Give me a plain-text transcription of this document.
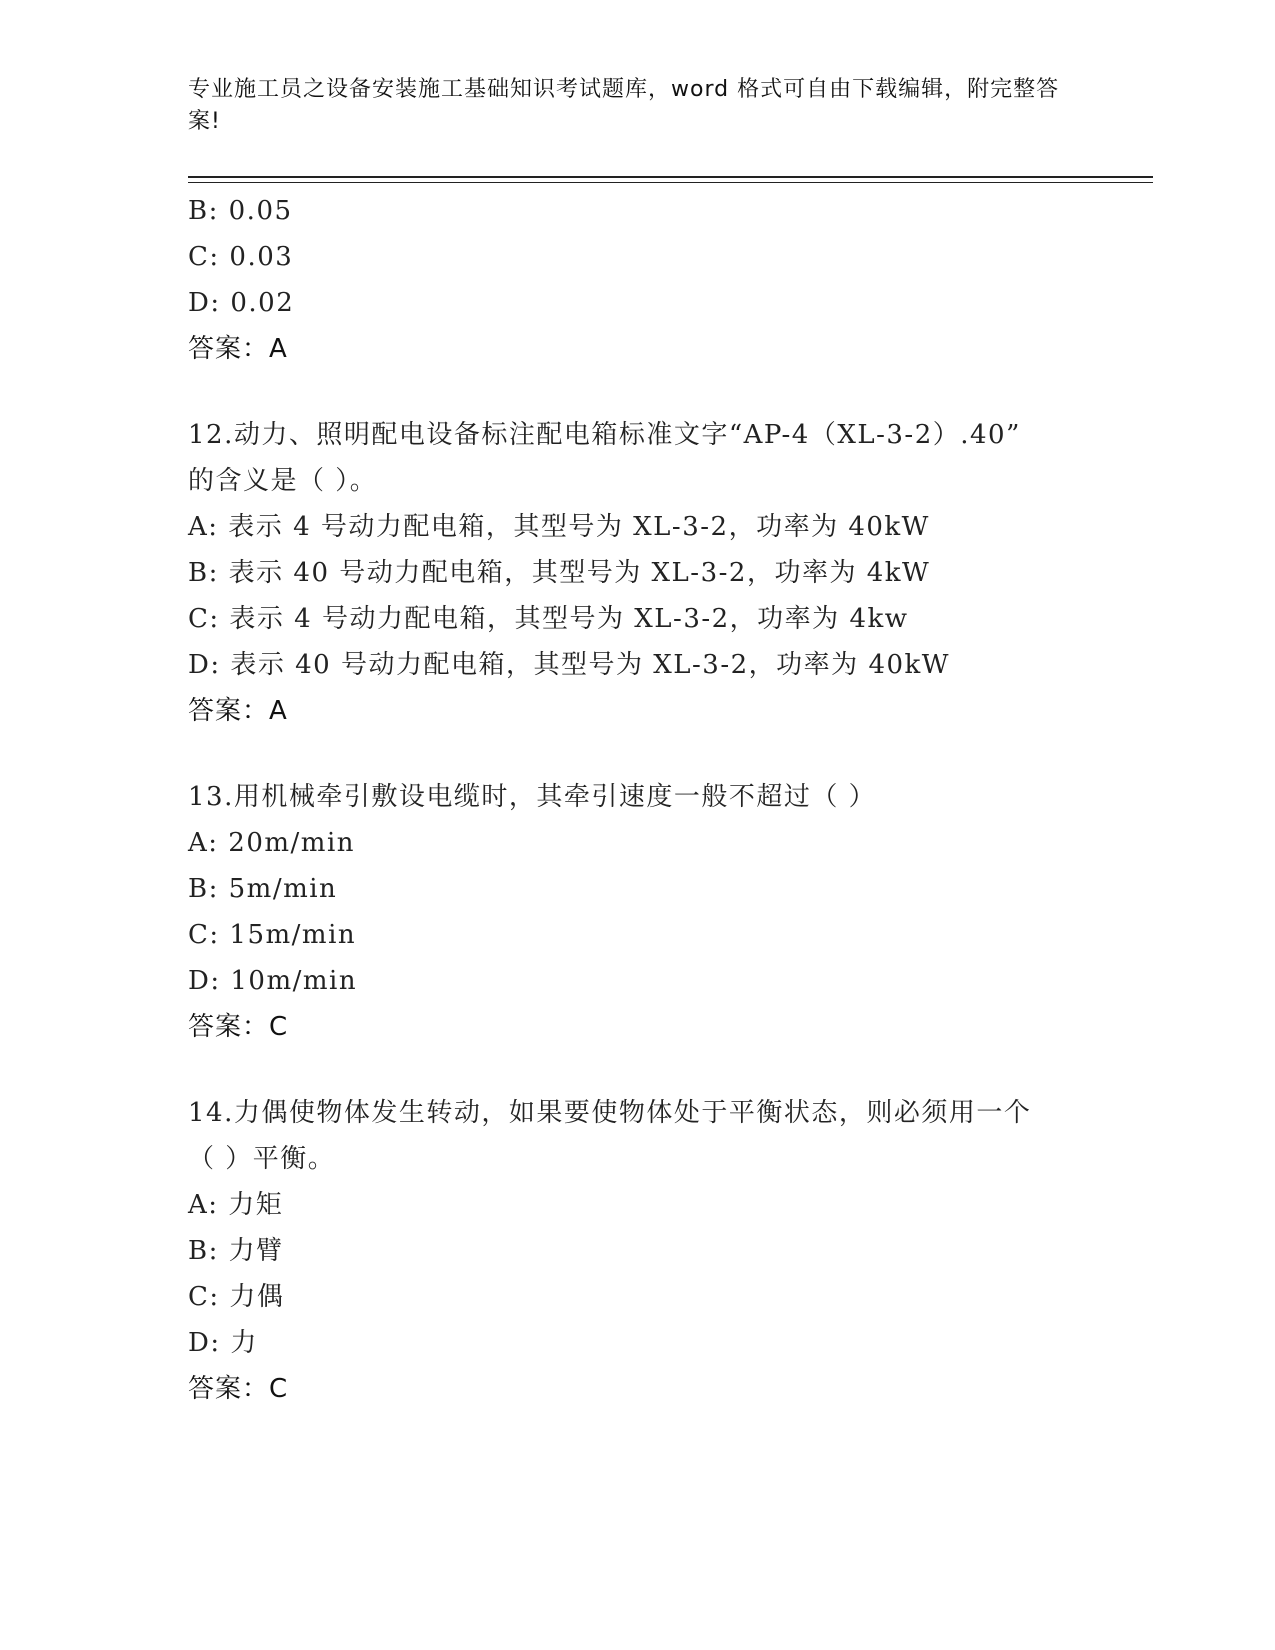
专业施工员之设备安装施工基础知识考试题库，word 格式可自由下载编辑，附完整答案!
B: 0.05
C: 0.03
D: 0.02
答案：A
12.动力、照明配电设备标注配电箱标准文字“AP-4（XL-3-2）.40”
的含义是（ ）。
A: 表示 4 号动力配电箱，其型号为 XL-3-2，功率为 40kW
B: 表示 40 号动力配电箱，其型号为 XL-3-2，功率为 4kW
C: 表示 4 号动力配电箱，其型号为 XL-3-2，功率为 4kw
D: 表示 40 号动力配电箱，其型号为 XL-3-2，功率为 40kW
答案：A
13.用机械牵引敷设电缆时，其牵引速度一般不超过（ ）
A: 20m/min
B: 5m/min
C: 15m/min
D: 10m/min
答案：C
14.力偶使物体发生转动，如果要使物体处于平衡状态，则必须用一个
（ ）平衡。
A: 力矩
B: 力臂
C: 力偶
D: 力
答案：C
